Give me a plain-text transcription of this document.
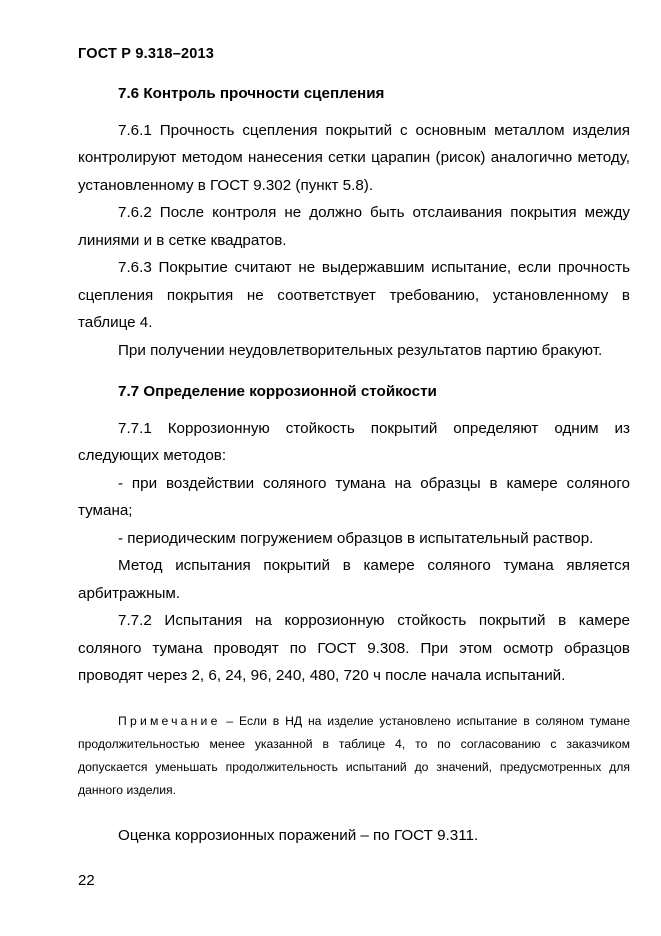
ГОСТ Р 9.318–2013
7.6 Контроль прочности сцепления

7.6.1 Прочность сцепления покрытий с основным металлом изделия контролируют методом нанесения сетки царапин (рисок) аналогично методу, установленному в ГОСТ 9.302 (пункт 5.8).

7.6.2 После контроля не должно быть отслаивания покрытия между линиями и в сетке квадратов.

7.6.3 Покрытие считают не выдержавшим испытание, если прочность сцепления покрытия не соответствует требованию, установленному в таблице 4.

При получении неудовлетворительных результатов партию бракуют.

7.7 Определение коррозионной стойкости

7.7.1 Коррозионную стойкость покрытий определяют одним из следующих методов:

- при воздействии соляного тумана на образцы в камере соляного тумана;

- периодическим погружением образцов в испытательный раствор.

Метод испытания покрытий в камере соляного тумана является арбитражным.

7.7.2 Испытания на коррозионную стойкость покрытий в камере соляного тумана проводят по ГОСТ 9.308. При этом осмотр образцов проводят через 2, 6, 24, 96, 240, 480, 720 ч после начала испытаний.

Примечание – Если в НД на изделие установлено испытание в соляном тумане продолжительностью менее указанной в таблице 4, то по согласованию с заказчиком допускается уменьшать продолжительность испытаний до значений, предусмотренных для данного изделия.

Оценка коррозионных поражений – по ГОСТ 9.311.

22
